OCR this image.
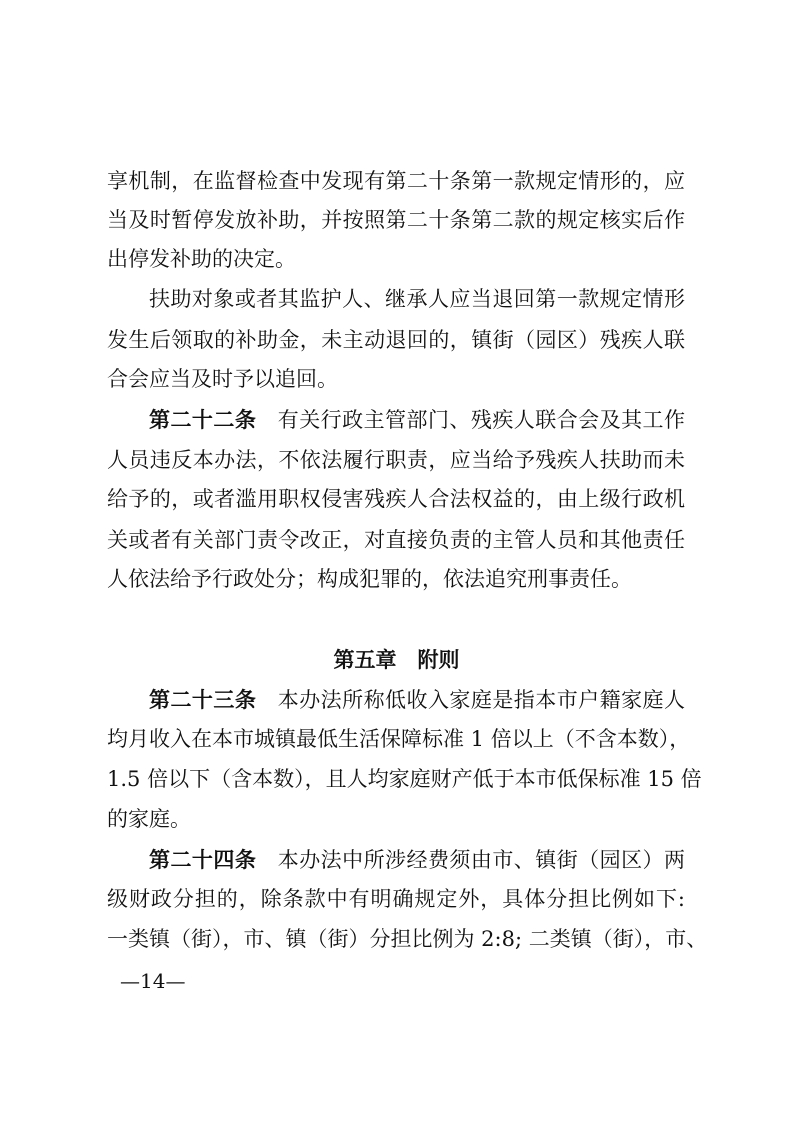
享机制，在监督检查中发现有第二十条第一款规定情形的，应
当及时暂停发放补助，并按照第二十条第二款的规定核实后作
出停发补助的决定。
扶助对象或者其监护人、继承人应当退回第一款规定情形
发生后领取的补助金，未主动退回的，镇街（园区）残疾人联
合会应当及时予以追回。
第二十二条 有关行政主管部门、残疾人联合会及其工作
人员违反本办法，不依法履行职责，应当给予残疾人扶助而未
给予的，或者滥用职权侵害残疾人合法权益的，由上级行政机
关或者有关部门责令改正，对直接负责的主管人员和其他责任
人依法给予行政处分；构成犯罪的，依法追究刑事责任。
第五章　附则
第二十三条 本办法所称低收入家庭是指本市户籍家庭人
均月收入在本市城镇最低生活保障标准 1 倍以上（不含本数），
1.5 倍以下（含本数），且人均家庭财产低于本市低保标准 15 倍
的家庭。
第二十四条 本办法中所涉经费须由市、镇街（园区）两
级财政分担的，除条款中有明确规定外，具体分担比例如下:
一类镇（街），市、镇（街）分担比例为 2:8; 二类镇（街），市、
—14—
